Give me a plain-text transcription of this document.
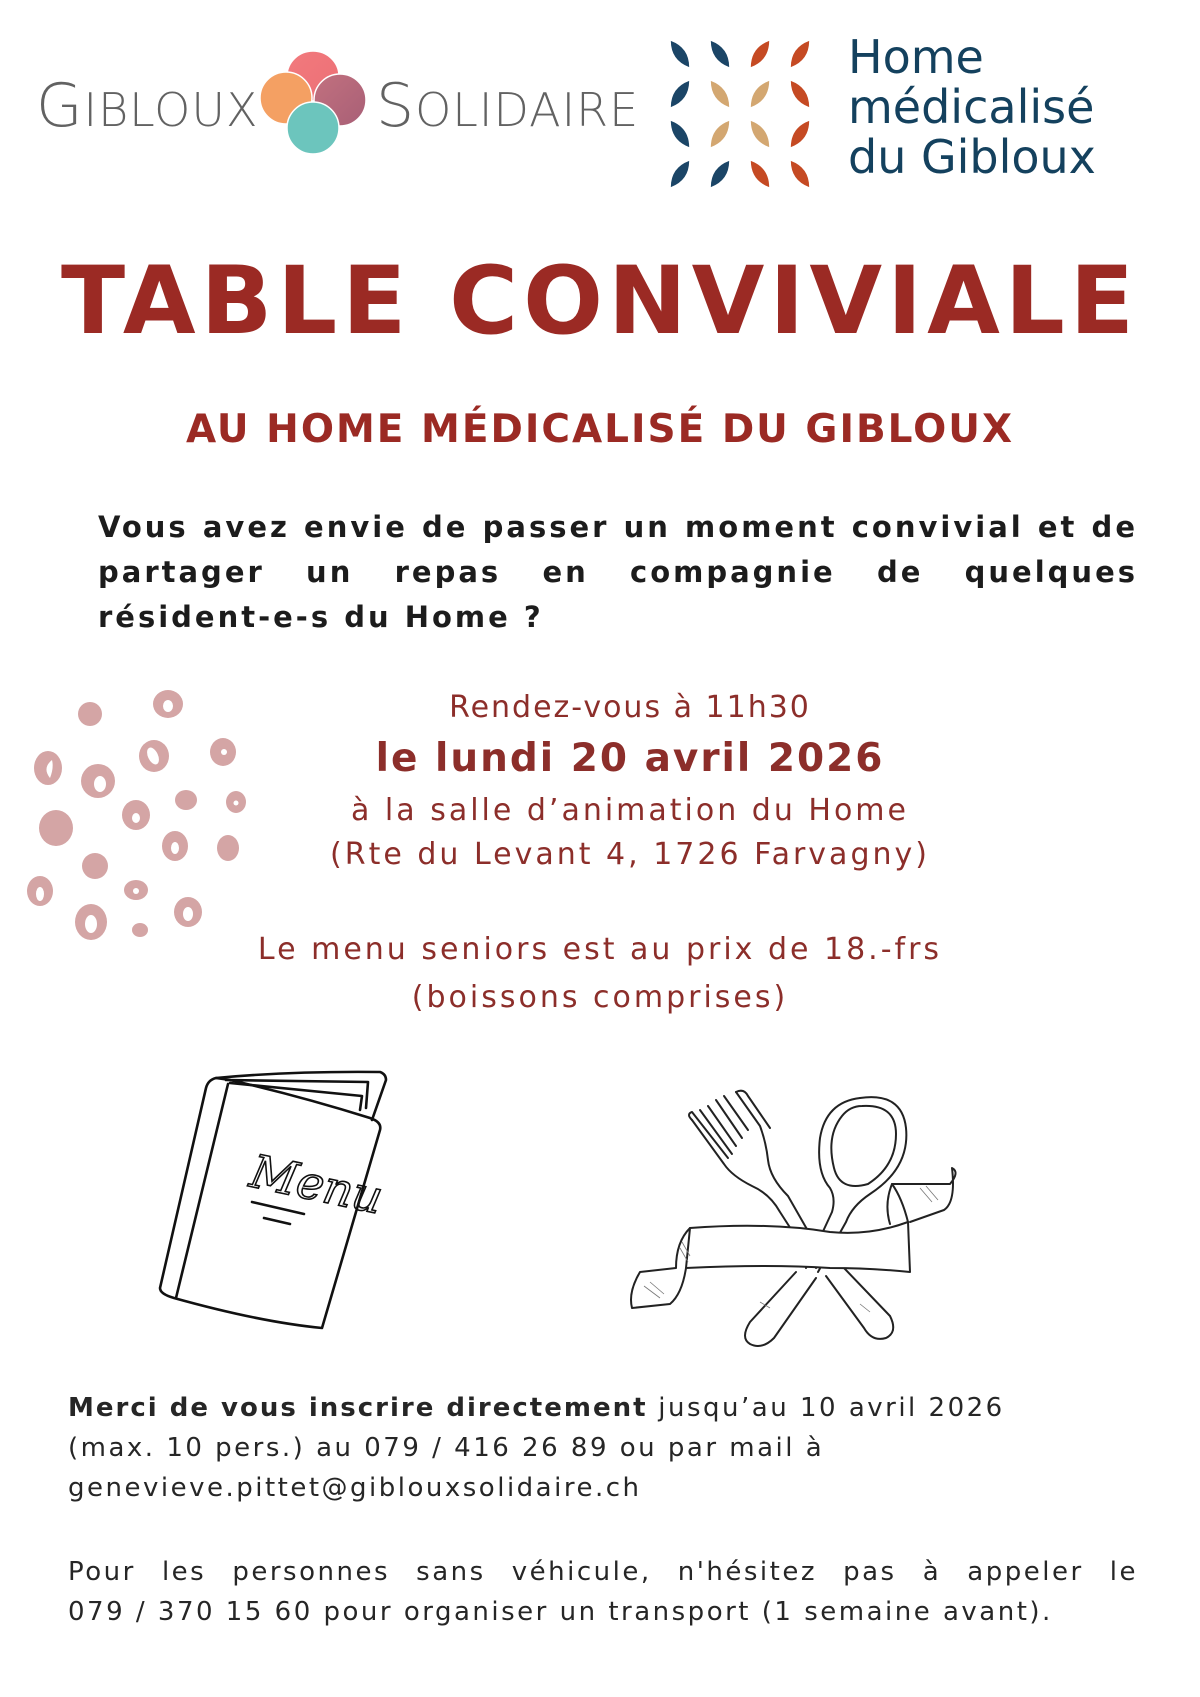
GIBLOUX SOLIDAIRE
Home
médicalisé
du Gibloux
TABLE CONVIVIALE
AU HOME MÉDICALISÉ DU GIBLOUX

Vous avez envie de passer un moment convivial et de partager un repas en compagnie de quelques résident-e-s du Home ?

Rendez-vous à 11h30
le lundi 20 avril 2026
à la salle d’animation du Home
(Rte du Levant 4, 1726 Farvagny)
Le menu seniors est au prix de 18.-frs
(boissons comprises)
Menu
Merci de vous inscrire directement jusqu’au 10 avril 2026
(max. 10 pers.) au 079 / 416 26 89 ou par mail à
genevieve.pittet@giblouxsolidaire.ch
Pour les personnes sans véhicule, n'hésitez pas à appeler le
079 / 370 15 60 pour organiser un transport (1 semaine avant).
